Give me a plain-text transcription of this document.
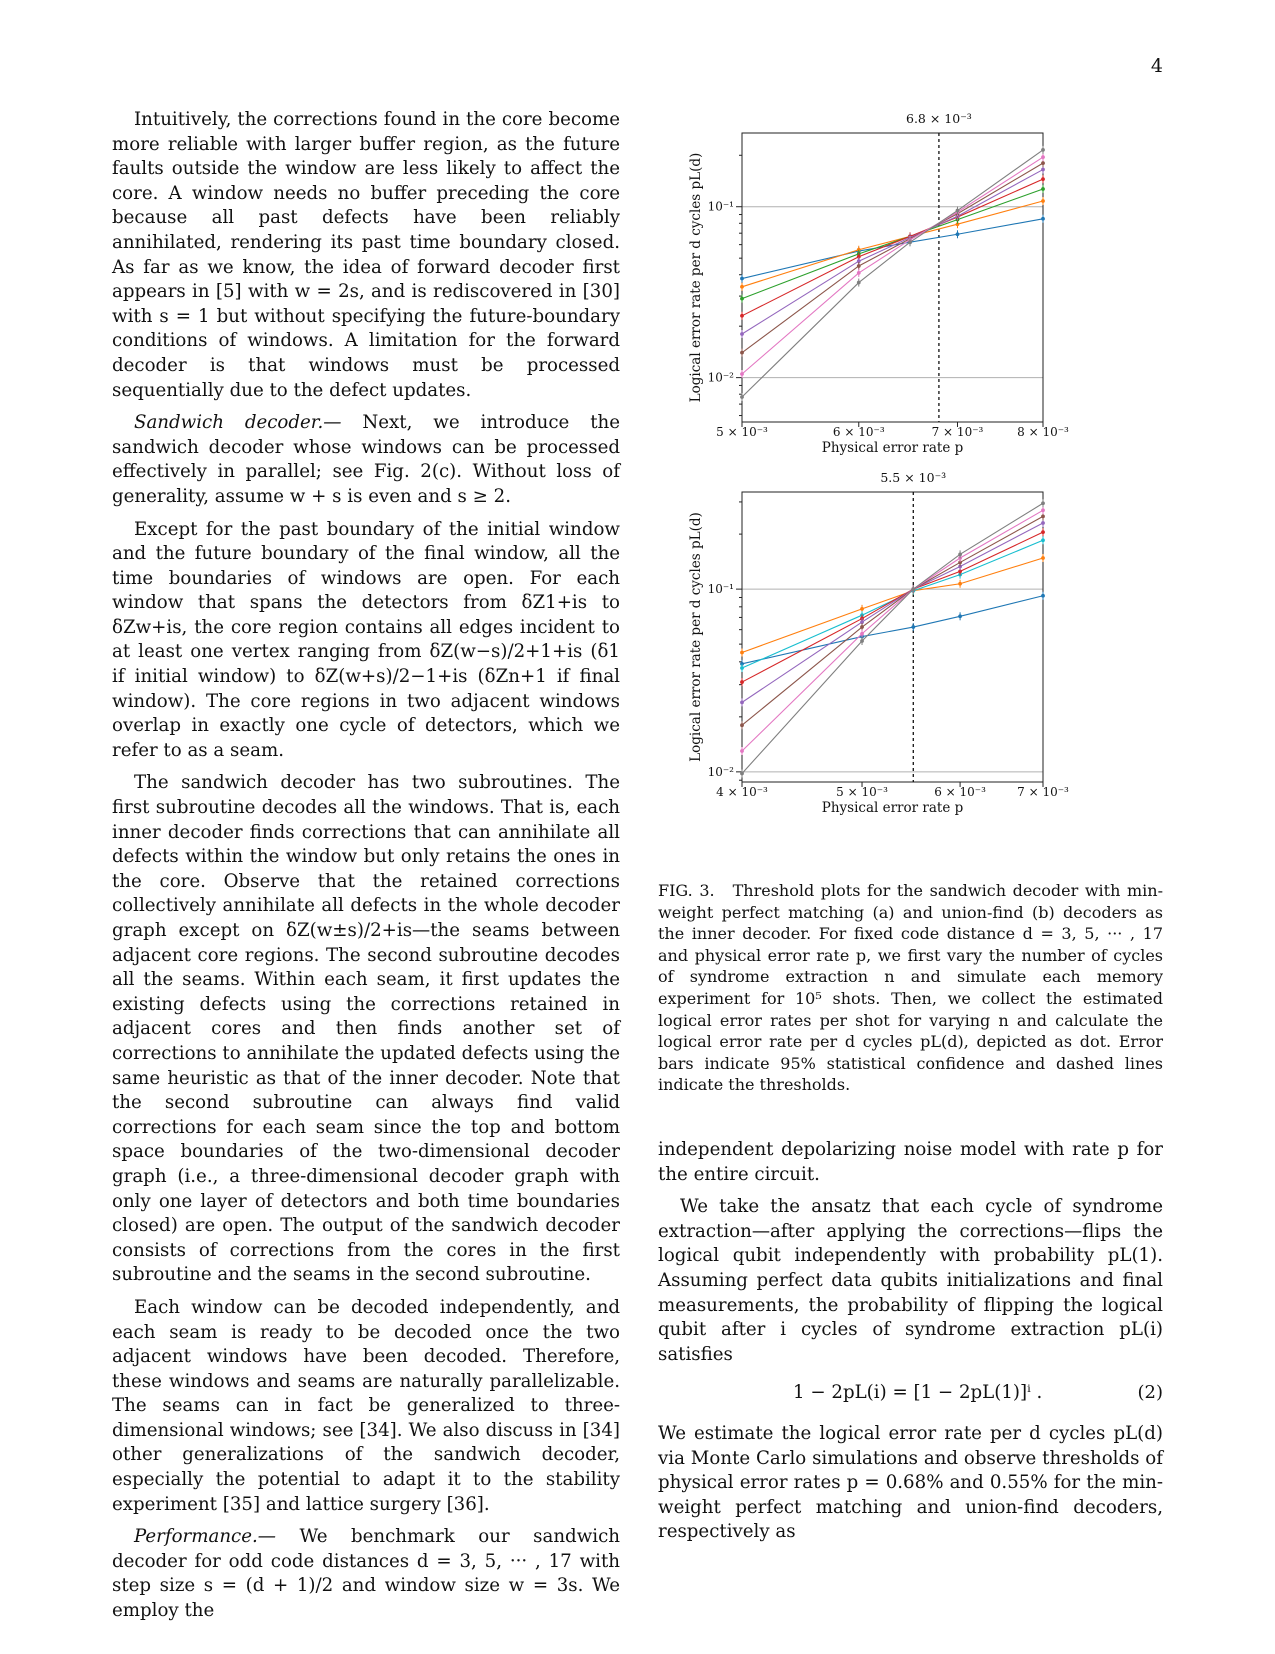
4

Intuitively, the corrections found in the core become more reliable with larger buffer region, as the future faults outside the window are less likely to affect the core. A window needs no buffer preceding the core because all past defects have been reliably annihilated, rendering its past time boundary closed. As far as we know, the idea of forward decoder first appears in [5] with w = 2s, and is rediscovered in [30] with s = 1 but without specifying the future-boundary conditions of windows. A limitation for the forward decoder is that windows must be processed sequentially due to the defect updates.

Sandwich decoder.— Next, we introduce the sandwich decoder whose windows can be processed effectively in parallel; see Fig. 2(c). Without loss of generality, assume w + s is even and s ≥ 2.

Except for the past boundary of the initial window and the future boundary of the final window, all the time boundaries of windows are open. For each window that spans the detectors from δZ1+is to δZw+is, the core region contains all edges incident to at least one vertex ranging from δZ(w−s)/2+1+is (δ1 if initial window) to δZ(w+s)/2−1+is (δZn+1 if final window). The core regions in two adjacent windows overlap in exactly one cycle of detectors, which we refer to as a seam.

The sandwich decoder has two subroutines. The first subroutine decodes all the windows. That is, each inner decoder finds corrections that can annihilate all defects within the window but only retains the ones in the core. Observe that the retained corrections collectively annihilate all defects in the whole decoder graph except on δZ(w±s)/2+is—the seams between adjacent core regions. The second subroutine decodes all the seams. Within each seam, it first updates the existing defects using the corrections retained in adjacent cores and then finds another set of corrections to annihilate the updated defects using the same heuristic as that of the inner decoder. Note that the second subroutine can always find valid corrections for each seam since the top and bottom space boundaries of the two-dimensional decoder graph (i.e., a three-dimensional decoder graph with only one layer of detectors and both time boundaries closed) are open. The output of the sandwich decoder consists of corrections from the cores in the first subroutine and the seams in the second subroutine.

Each window can be decoded independently, and each seam is ready to be decoded once the two adjacent windows have been decoded. Therefore, these windows and seams are naturally parallelizable. The seams can in fact be generalized to three-dimensional windows; see [34]. We also discuss in [34] other generalizations of the sandwich decoder, especially the potential to adapt it to the stability experiment [35] and lattice surgery [36].

Performance.— We benchmark our sandwich decoder for odd code distances d = 3, 5, ··· , 17 with step size s = (d + 1)/2 and window size w = 3s. We employ the

10⁻²
10⁻¹
5 × 10⁻³	6 × 10⁻³	7 × 10⁻³	8 × 10⁻³
6.8 × 10⁻³
Physical error rate p
Logical error rate per d cycles pL(d)
10⁻²
10⁻¹
4 × 10⁻³	5 × 10⁻³	6 × 10⁻³	7 × 10⁻³
5.5 × 10⁻³
Physical error rate p
Logical error rate per d cycles pL(d)
FIG. 3. Threshold plots for the sandwich decoder with min-weight perfect matching (a) and union-find (b) decoders as the inner decoder. For fixed code distance d = 3, 5, ··· , 17 and physical error rate p, we first vary the number of cycles of syndrome extraction n and simulate each memory experiment for 10⁵ shots. Then, we collect the estimated logical error rates per shot for varying n and calculate the logical error rate per d cycles pL(d), depicted as dot. Error bars indicate 95% statistical confidence and dashed lines indicate the thresholds.

independent depolarizing noise model with rate p for the entire circuit.

We take the ansatz that each cycle of syndrome extraction—after applying the corrections—flips the logical qubit independently with probability pL(1). Assuming perfect data qubits initializations and final measurements, the probability of flipping the logical qubit after i cycles of syndrome extraction pL(i) satisfies

1 − 2pL(i) = [1 − 2pL(1)]ⁱ .	(2)

We estimate the logical error rate per d cycles pL(d) via Monte Carlo simulations and observe thresholds of physical error rates p = 0.68% and 0.55% for the min-weight perfect matching and union-find decoders, respectively as
